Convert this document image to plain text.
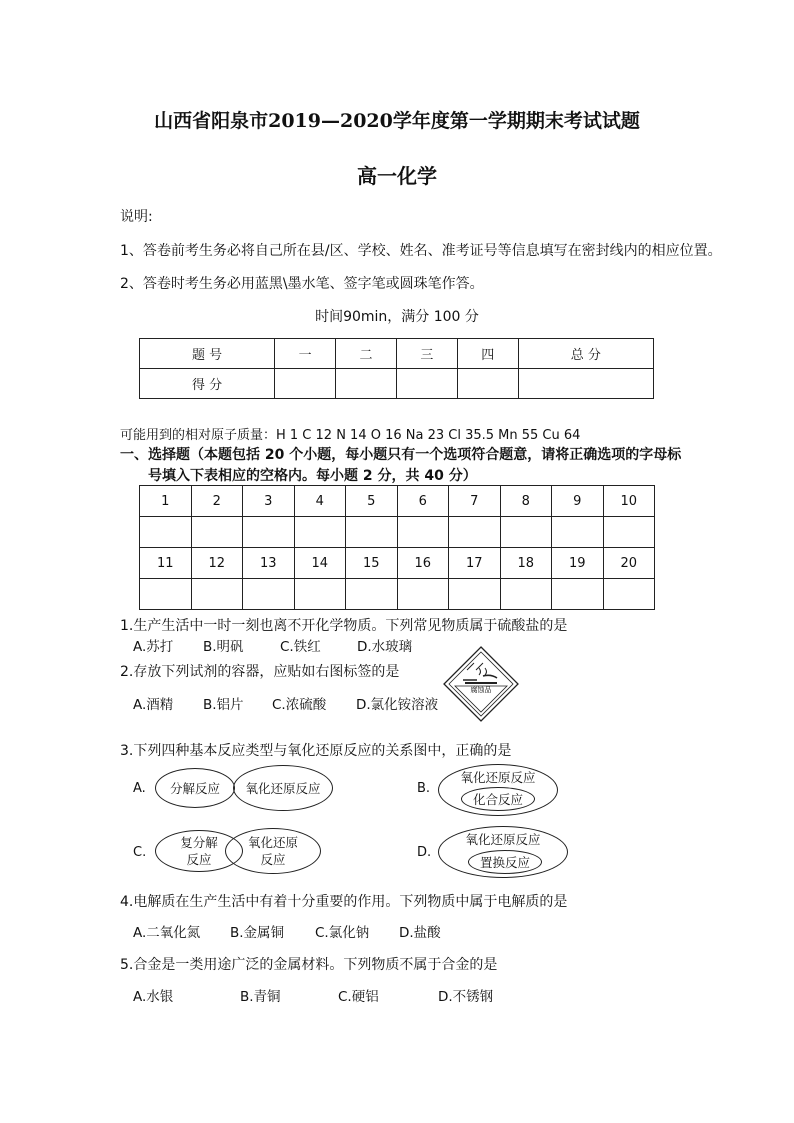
山西省阳泉市2019—2020学年度第一学期期末考试试题
高一化学
说明:
1、答卷前考生务必将自己所在县/区、学校、姓名、准考证号等信息填写在密封线内的相应位置。
2、答卷时考生务必用蓝黑\墨水笔、签字笔或圆珠笔作答。
时间90min，满分 100 分
题 号	一	二	三	四	总 分
得 分					
可能用到的相对原子质量：H 1 C 12 N 14 O 16 Na 23 Cl 35.5 Mn 55 Cu 64
一、选择题（本题包括 20 个小题，每小题只有一个选项符合题意，请将正确选项的字母标
号填入下表相应的空格内。每小题 2 分，共 40 分）
1	2	3	4	5	6	7	8	9	10

11	12	13	14	15	16	17	18	19	20

1.生产生活中一时一刻也离不开化学物质。下列常见物质属于硫酸盐的是
A.苏打 B.明矾	C.铁红	D.水玻璃
2.存放下列试剂的容器，应贴如右图标签的是
A.酒精 B.铝片 C.浓硫酸 D.氯化铵溶液
腐蚀品
3.下列四种基本反应类型与氧化还原反应的关系图中，正确的是
A. 分解反应 氧化还原反应	B.
氧化还原反应
化合反应
C.
复分解
反应
氧化还原
反应	D.
氧化还原反应
置换反应
4.电解质在生产生活中有着十分重要的作用。下列物质中属于电解质的是
A.二氧化氮 B.金属铜 C.氯化钠 D.盐酸
5.合金是一类用途广泛的金属材料。下列物质不属于合金的是
A.水银	B.青铜	C.硬铝	D.不锈钢
